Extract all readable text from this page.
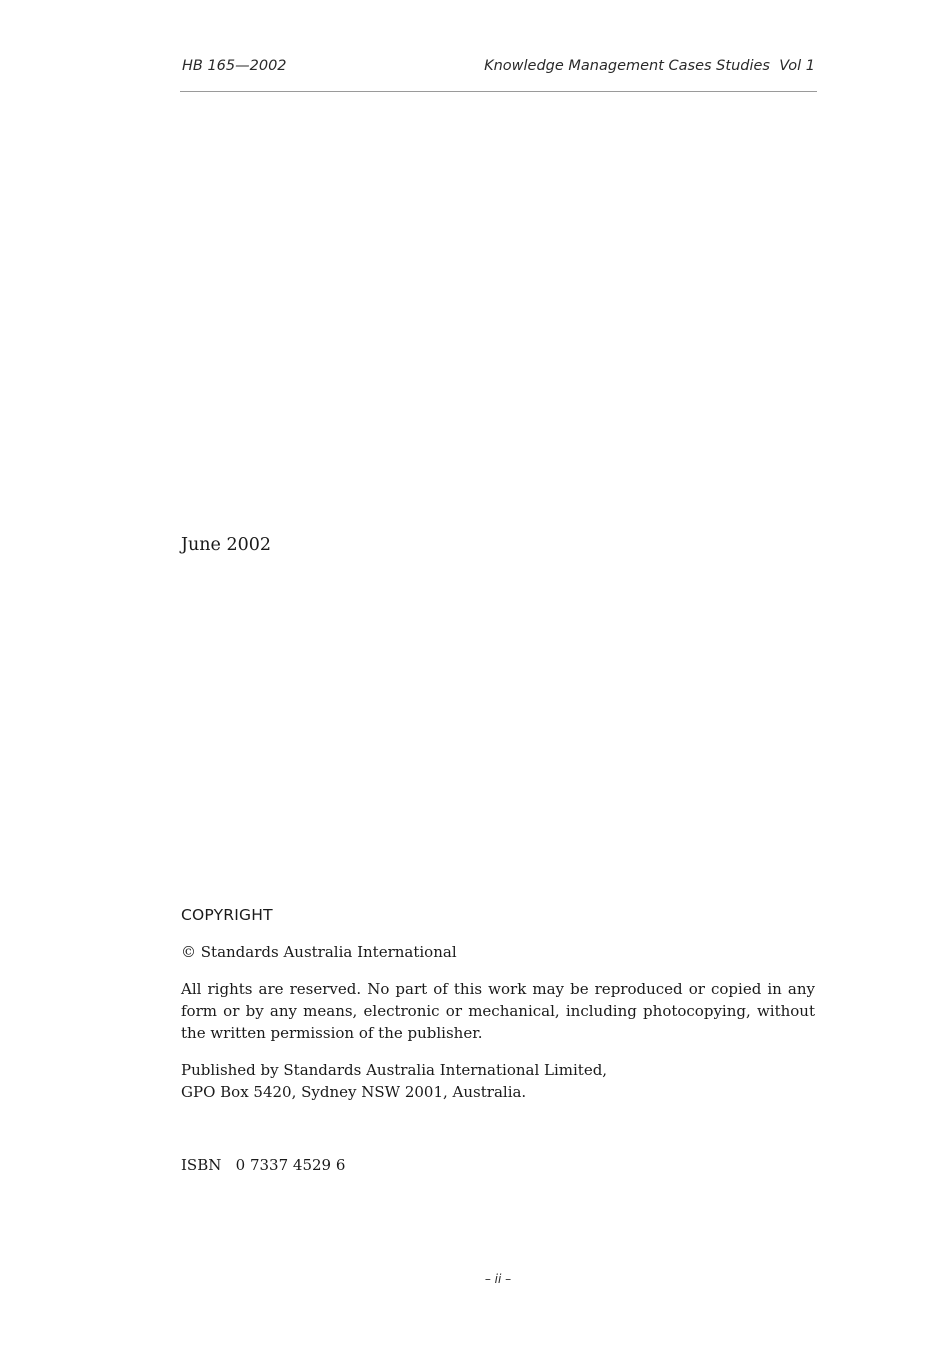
HB 165—2002	Knowledge Management Cases Studies  Vol 1
June 2002
COPYRIGHT

© Standards Australia International

All rights are reserved. No part of this work may be reproduced or copied in any form or by any means, electronic or mechanical, including photocopying, without the written permission of the publisher.

Published by Standards Australia International Limited,
GPO Box 5420, Sydney NSW 2001, Australia.

ISBN   0 7337 4529 6

– ii –
